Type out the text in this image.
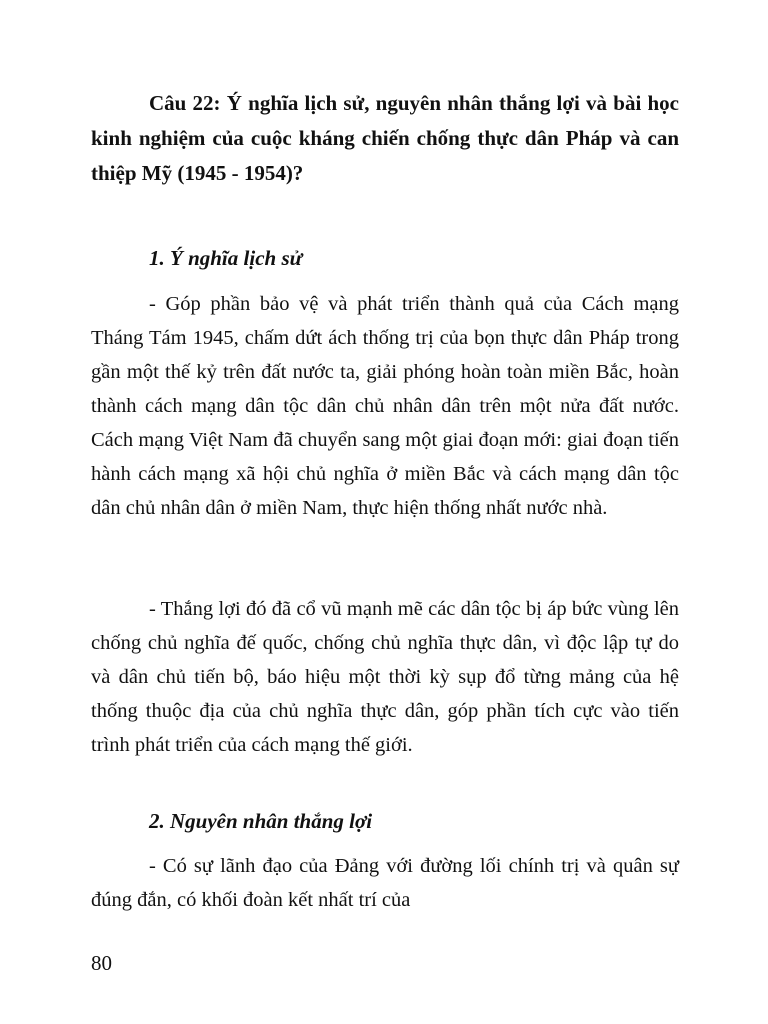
Câu 22: Ý nghĩa lịch sử, nguyên nhân thắng lợi và bài học kinh nghiệm của cuộc kháng chiến chống thực dân Pháp và can thiệp Mỹ (1945 - 1954)?

1. Ý nghĩa lịch sử

- Góp phần bảo vệ và phát triển thành quả của Cách mạng Tháng Tám 1945, chấm dứt ách thống trị của bọn thực dân Pháp trong gần một thế kỷ trên đất nước ta, giải phóng hoàn toàn miền Bắc, hoàn thành cách mạng dân tộc dân chủ nhân dân trên một nửa đất nước. Cách mạng Việt Nam đã chuyển sang một giai đoạn mới: giai đoạn tiến hành cách mạng xã hội chủ nghĩa ở miền Bắc và cách mạng dân tộc dân chủ nhân dân ở miền Nam, thực hiện thống nhất nước nhà.

- Thắng lợi đó đã cổ vũ mạnh mẽ các dân tộc bị áp bức vùng lên chống chủ nghĩa đế quốc, chống chủ nghĩa thực dân, vì độc lập tự do và dân chủ tiến bộ, báo hiệu một thời kỳ sụp đổ từng mảng của hệ thống thuộc địa của chủ nghĩa thực dân, góp phần tích cực vào tiến trình phát triển của cách mạng thế giới.

2. Nguyên nhân thắng lợi

- Có sự lãnh đạo của Đảng với đường lối chính trị và quân sự đúng đắn, có khối đoàn kết nhất trí của

80
